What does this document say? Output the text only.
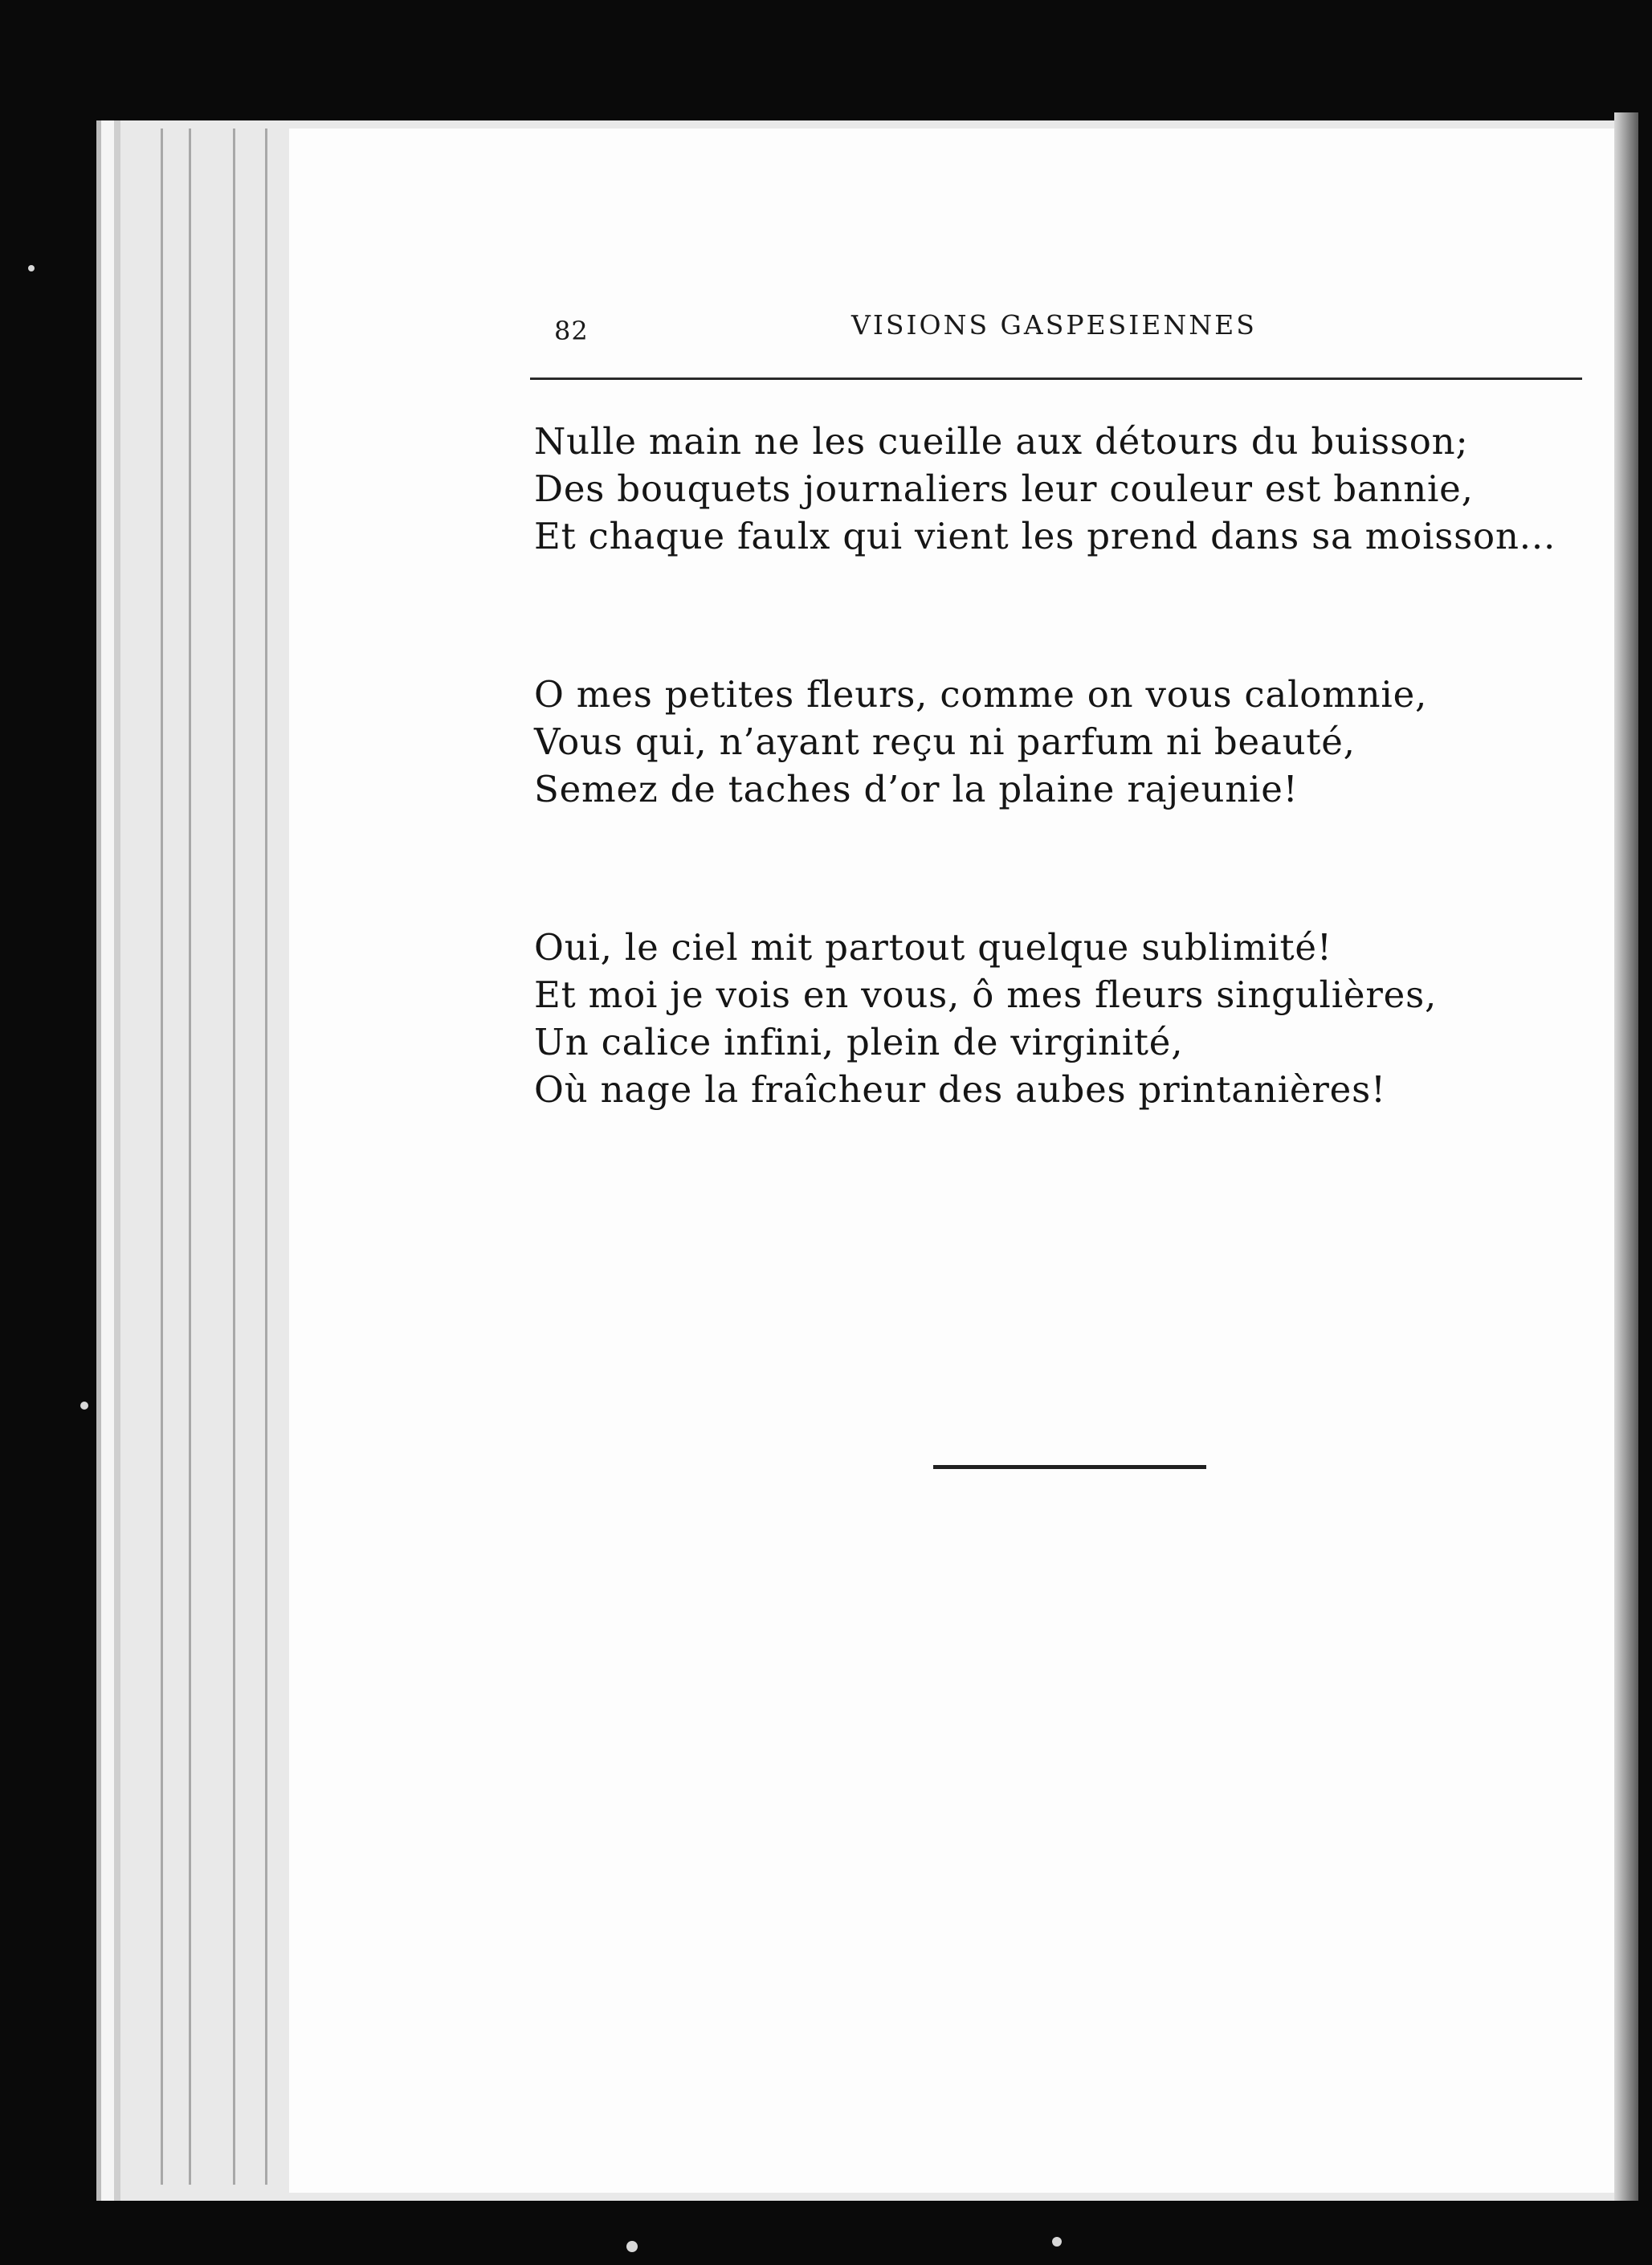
82	VISIONS GASPESIENNES
Nulle main ne les cueille aux détours du buisson;
Des bouquets journaliers leur couleur est bannie,
Et chaque faulx qui vient les prend dans sa moisson...
O mes petites fleurs, comme on vous calomnie,
Vous qui, n’ayant reçu ni parfum ni beauté,
Semez de taches d’or la plaine rajeunie!
Oui, le ciel mit partout quelque sublimité!
Et moi je vois en vous, ô mes fleurs singulières,
Un calice infini, plein de virginité,
Où nage la fraîcheur des aubes printanières!
